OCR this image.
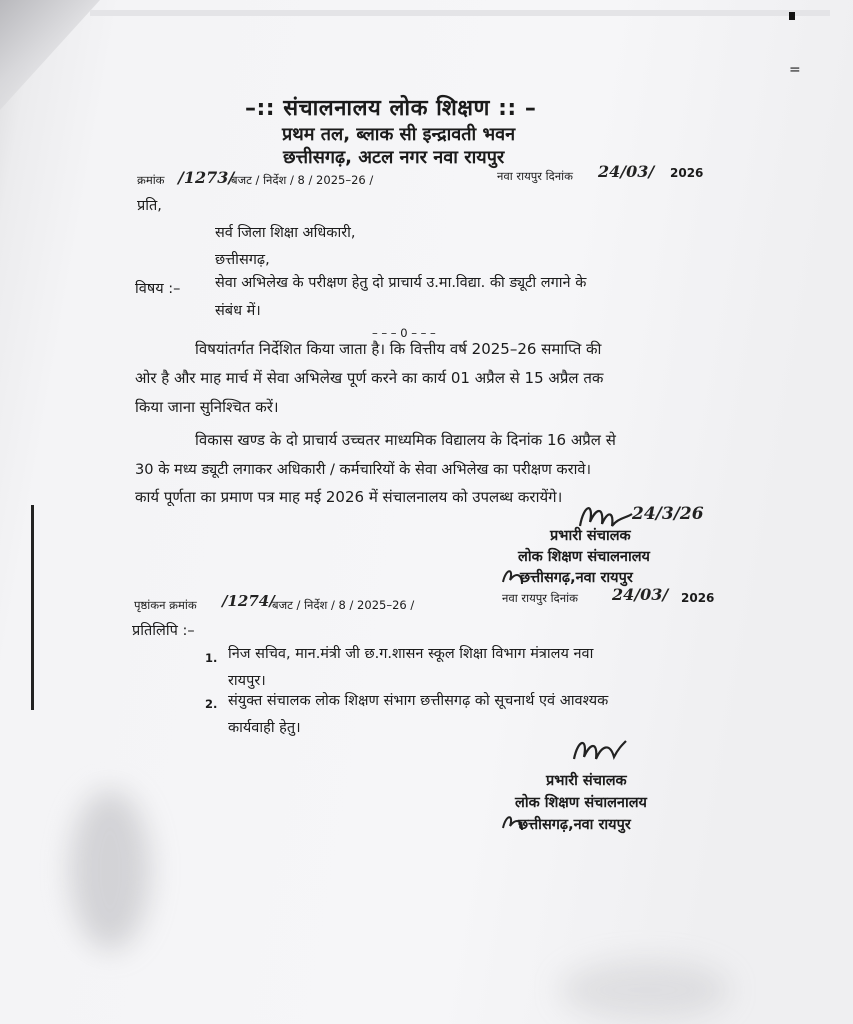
=
–:: संचालनालय लोक शिक्षण :: –
प्रथम तल, ब्लाक सी इन्द्रावती भवन
छत्तीसगढ़, अटल नगर नवा रायपुर
क्रमांक /1273/
बजट / निर्देश / 8 / 2025–26 /	नवा रायपुर दिनांक 24/03/ 2026
प्रति,
सर्व जिला शिक्षा अधिकारी,
छत्तीसगढ़,
विषय :– सेवा अभिलेख के परीक्षण हेतु दो प्राचार्य उ.मा.विद्या. की ड्यूटी लगाने के
संबंध में।
– – – 0 – – –
विषयांतर्गत निर्देशित किया जाता है। कि वित्तीय वर्ष 2025–26 समाप्ति की
ओर है और माह मार्च में सेवा अभिलेख पूर्ण करने का कार्य 01 अप्रैल से 15 अप्रैल तक
किया जाना सुनिश्चित करें।
विकास खण्ड के दो प्राचार्य उच्चतर माध्यमिक विद्यालय के दिनांक 16 अप्रैल से
30 के मध्य ड्यूटी लगाकर अधिकारी / कर्मचारियों के सेवा अभिलेख का परीक्षण करावे।
कार्य पूर्णता का प्रमाण पत्र माह मई 2026 में संचालनालय को उपलब्ध करायेंगे।
24/3/26
प्रभारी संचालक
लोक शिक्षण संचालनालय
छत्तीसगढ़,नवा रायपुर
पृष्ठांकन क्रमांक /1274/
बजट / निर्देश / 8 / 2025–26 /	नवा रायपुर दिनांक 24/03/ 2026
प्रतिलिपि :–
1. निज सचिव, मान.मंत्री जी छ.ग.शासन स्कूल शिक्षा विभाग मंत्रालय नवा
रायपुर।
2. संयुक्त संचालक लोक शिक्षण संभाग छत्तीसगढ़ को सूचनार्थ एवं आवश्यक
कार्यवाही हेतु।
प्रभारी संचालक
लोक शिक्षण संचालनालय
छत्तीसगढ़,नवा रायपुर
